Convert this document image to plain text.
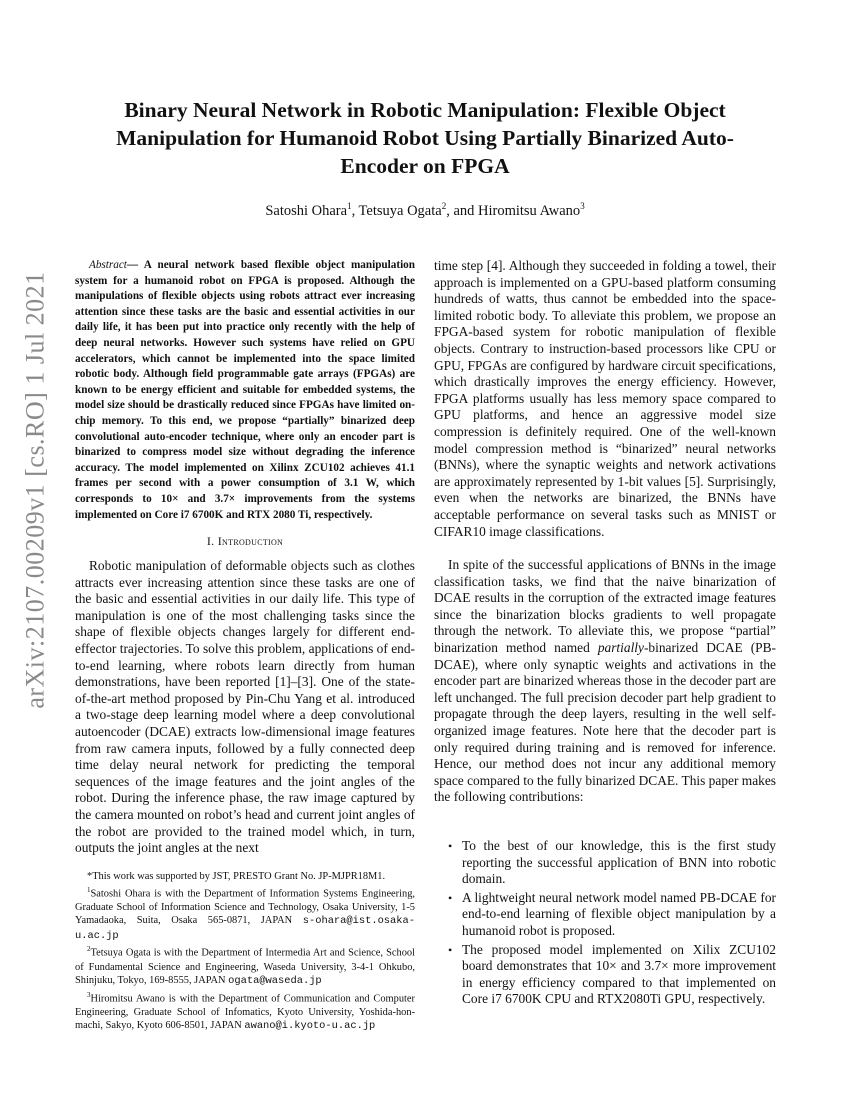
arXiv:2107.00209v1 [cs.RO] 1 Jul 2021
Binary Neural Network in Robotic Manipulation: Flexible Object Manipulation for Humanoid Robot Using Partially Binarized Auto-Encoder on FPGA
Satoshi Ohara$^1$, Tetsuya Ogata$^2$, and Hiromitsu Awano$^3$

Abstract— A neural network based flexible object manipulation system for a humanoid robot on FPGA is proposed. Although the manipulations of flexible objects using robots attract ever increasing attention since these tasks are the basic and essential activities in our daily life, it has been put into practice only recently with the help of deep neural networks. However such systems have relied on GPU accelerators, which cannot be implemented into the space limited robotic body. Although field programmable gate arrays (FPGAs) are known to be energy efficient and suitable for embedded systems, the model size should be drastically reduced since FPGAs have limited on-chip memory. To this end, we propose “partially” binarized deep convolutional auto-encoder technique, where only an encoder part is binarized to compress model size without degrading the inference accuracy. The model implemented on Xilinx ZCU102 achieves 41.1 frames per second with a power consumption of 3.1 W, which corresponds to 10× and 3.7× improvements from the systems implemented on Core i7 6700K and RTX 2080 Ti, respectively.

I. Introduction

Robotic manipulation of deformable objects such as clothes attracts ever increasing attention since these tasks are one of the basic and essential activities in our daily life. This type of manipulation is one of the most challenging tasks since the shape of flexible objects changes largely for different end-effector trajectories. To solve this problem, applications of end-to-end learning, where robots learn directly from human demonstrations, have been reported [1]–[3]. One of the state-of-the-art method proposed by Pin-Chu Yang et al. introduced a two-stage deep learning model where a deep convolutional autoencoder (DCAE) extracts low-dimensional image features from raw camera inputs, followed by a fully connected deep time delay neural network for predicting the temporal sequences of the image features and the joint angles of the robot. During the inference phase, the raw image captured by the camera mounted on robot’s head and current joint angles of the robot are provided to the trained model which, in turn, outputs the joint angles at the next

*This work was supported by JST, PRESTO Grant No. JP-MJPR18M1.

$^1$Satoshi Ohara is with the Department of Information Systems Engineering, Graduate School of Information Science and Technology, Osaka University, 1-5 Yamadaoka, Suita, Osaka 565-0871, JAPAN s-ohara@ist.osaka-u.ac.jp

$^2$Tetsuya Ogata is with the Department of Intermedia Art and Science, School of Fundamental Science and Engineering, Waseda University, 3-4-1 Ohkubo, Shinjuku, Tokyo, 169-8555, JAPAN ogata@waseda.jp

$^3$Hiromitsu Awano is with the Department of Communication and Computer Engineering, Graduate School of Infomatics, Kyoto University, Yoshida-hon-machi, Sakyo, Kyoto 606-8501, JAPAN awano@i.kyoto-u.ac.jp

time step [4]. Although they succeeded in folding a towel, their approach is implemented on a GPU-based platform consuming hundreds of watts, thus cannot be embedded into the space-limited robotic body. To alleviate this problem, we propose an FPGA-based system for robotic manipulation of flexible objects. Contrary to instruction-based processors like CPU or GPU, FPGAs are configured by hardware circuit specifications, which drastically improves the energy efficiency. However, FPGA platforms usually has less memory space compared to GPU platforms, and hence an aggressive model size compression is definitely required. One of the well-known model compression method is “binarized” neural networks (BNNs), where the synaptic weights and network activations are approximately represented by 1-bit values [5]. Surprisingly, even when the networks are binarized, the BNNs have acceptable performance on several tasks such as MNIST or CIFAR10 image classifications.

In spite of the successful applications of BNNs in the image classification tasks, we find that the naive binarization of DCAE results in the corruption of the extracted image features since the binarization blocks gradients to well propagate through the network. To alleviate this, we propose “partial” binarization method named partially-binarized DCAE (PB-DCAE), where only synaptic weights and activations in the encoder part are binarized whereas those in the decoder part are left unchanged. The full precision decoder part help gradient to propagate through the deep layers, resulting in the well self-organized image features. Note here that the decoder part is only required during training and is removed for inference. Hence, our method does not incur any additional memory space compared to the fully binarized DCAE. This paper makes the following contributions:

• To the best of our knowledge, this is the first study reporting the successful application of BNN into robotic domain.
• A lightweight neural network model named PB-DCAE for end-to-end learning of flexible object manipulation by a humanoid robot is proposed.
• The proposed model implemented on Xilix ZCU102 board demonstrates that 10× and 3.7× more improvement in energy efficiency compared to that implemented on Core i7 6700K CPU and RTX2080Ti GPU, respectively.
